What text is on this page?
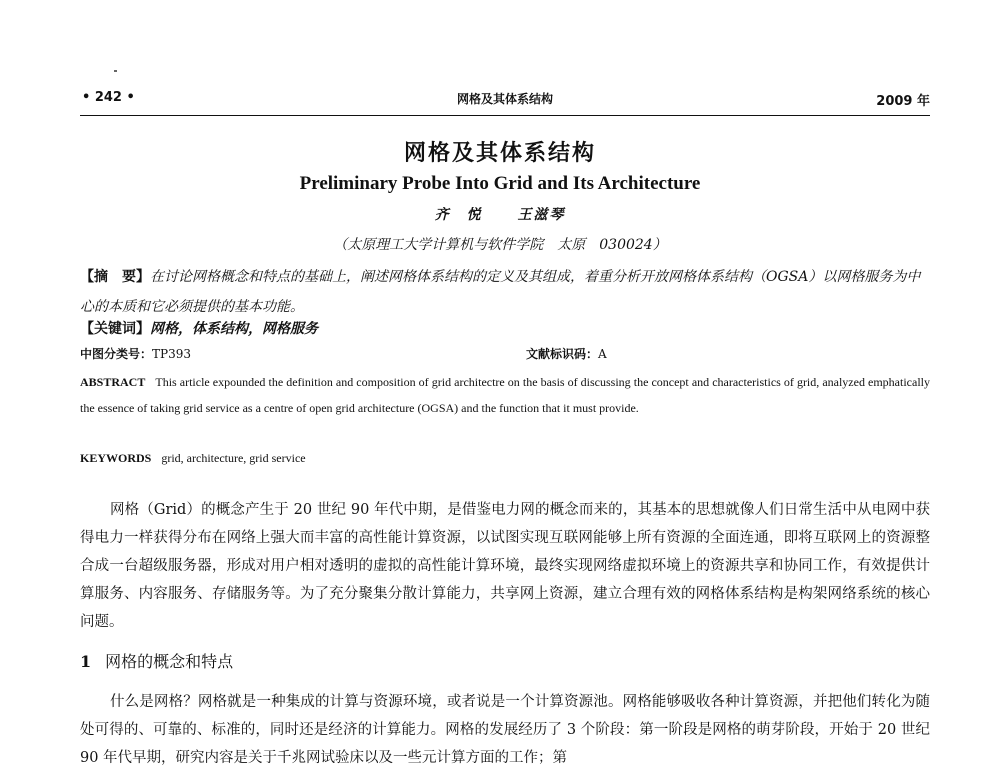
• 242 •	网格及其体系结构	2009 年
网格及其体系结构
Preliminary Probe Into Grid and Its Architecture
齐　悦 王滋琴
（太原理工大学计算机与软件学院　太原　030024）
【摘　要】在讨论网格概念和特点的基础上，阐述网格体系结构的定义及其组成，着重分析开放网格体系结构（OGSA）以网格服务为中心的本质和它必须提供的基本功能。
【关键词】网格，体系结构，网格服务
中图分类号：TP393	文献标识码：A
ABSTRACT This article expounded the definition and composition of grid architectre on the basis of discussing the concept and characteristics of grid, analyzed emphatically the essence of taking grid service as a centre of open grid architecture (OGSA) and the function that it must provide.
KEYWORDS grid, architecture, grid service
网格（Grid）的概念产生于 20 世纪 90 年代中期，是借鉴电力网的概念而来的，其基本的思想就像人们日常生活中从电网中获得电力一样获得分布在网络上强大而丰富的高性能计算资源，以试图实现互联网能够上所有资源的全面连通，即将互联网上的资源整合成一台超级服务器，形成对用户相对透明的虚拟的高性能计算环境，最终实现网络虚拟环境上的资源共享和协同工作，有效提供计算服务、内容服务、存储服务等。为了充分聚集分散计算能力，共享网上资源，建立合理有效的网格体系结构是构架网络系统的核心问题。
1 网格的概念和特点
什么是网格？网格就是一种集成的计算与资源环境，或者说是一个计算资源池。网格能够吸收各种计算资源，并把他们转化为随处可得的、可靠的、标准的，同时还是经济的计算能力。网格的发展经历了 3 个阶段：第一阶段是网格的萌芽阶段，开始于 20 世纪 90 年代早期，研究内容是关于千兆网试验床以及一些元计算方面的工作；第
